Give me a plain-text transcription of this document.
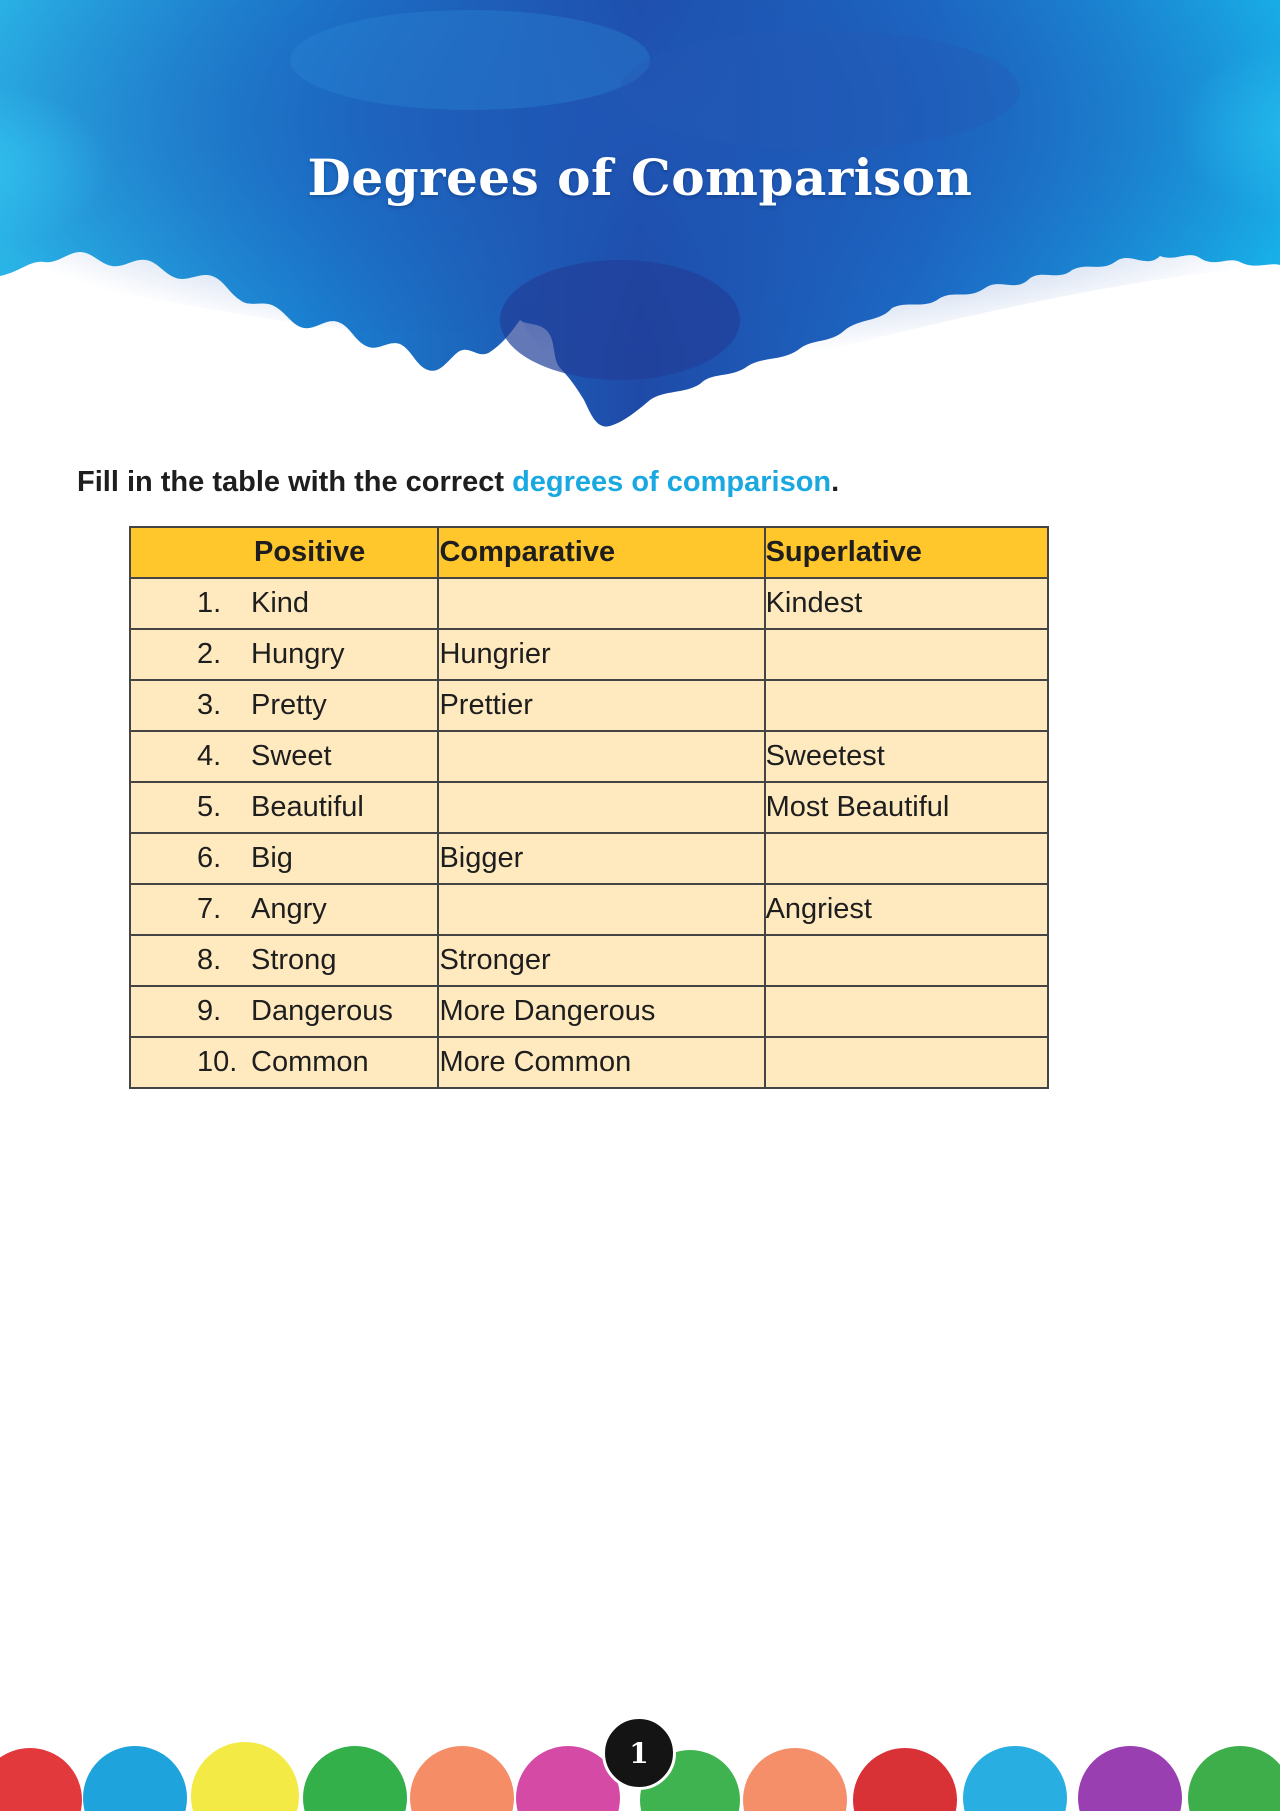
Degrees of Comparison
Fill in the table with the correct degrees of comparison.
Positive	Comparative	Superlative

1. Kind		Kindest

2. Hungry	Hungrier	

3. Pretty	Prettier	

4. Sweet		Sweetest

5. Beautiful		Most Beautiful

6. Big	Bigger	

7. Angry		Angriest

8. Strong	Stronger	

9. Dangerous	More Dangerous	

10. Common	More Common	
1
